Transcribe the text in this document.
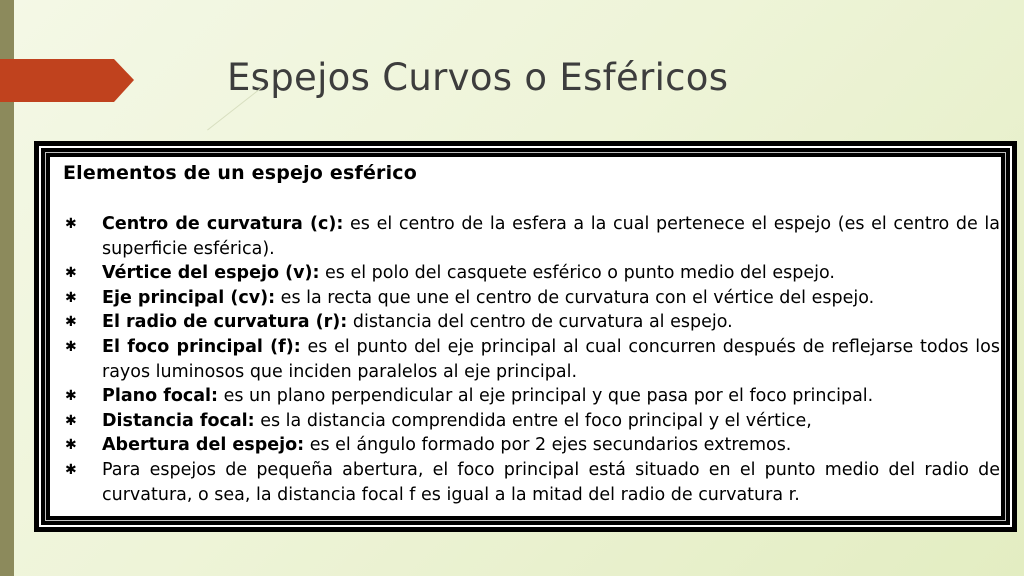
Espejos Curvos o Esféricos
Elementos de un espejo esférico
✱ Centro de curvatura (c): es el centro de la esfera a la cual pertenece el espejo (es el centro de la superficie esférica).
✱ Vértice del espejo (v): es el polo del casquete esférico o punto medio del espejo.
✱ Eje principal (cv): es la recta que une el centro de curvatura con el vértice del espejo.
✱ El radio de curvatura (r): distancia del centro de curvatura al espejo.
✱ El foco principal (f): es el punto del eje principal al cual concurren después de reflejarse todos los rayos luminosos que inciden paralelos al eje principal.
✱ Plano focal: es un plano perpendicular al eje principal y que pasa por el foco principal.
✱ Distancia focal: es la distancia comprendida entre el foco principal y el vértice,
✱ Abertura del espejo: es el ángulo formado por 2 ejes secundarios extremos.
✱ Para espejos de pequeña abertura, el foco principal está situado en el punto medio del radio de curvatura, o sea, la distancia focal f es igual a la mitad del radio de curvatura r.
